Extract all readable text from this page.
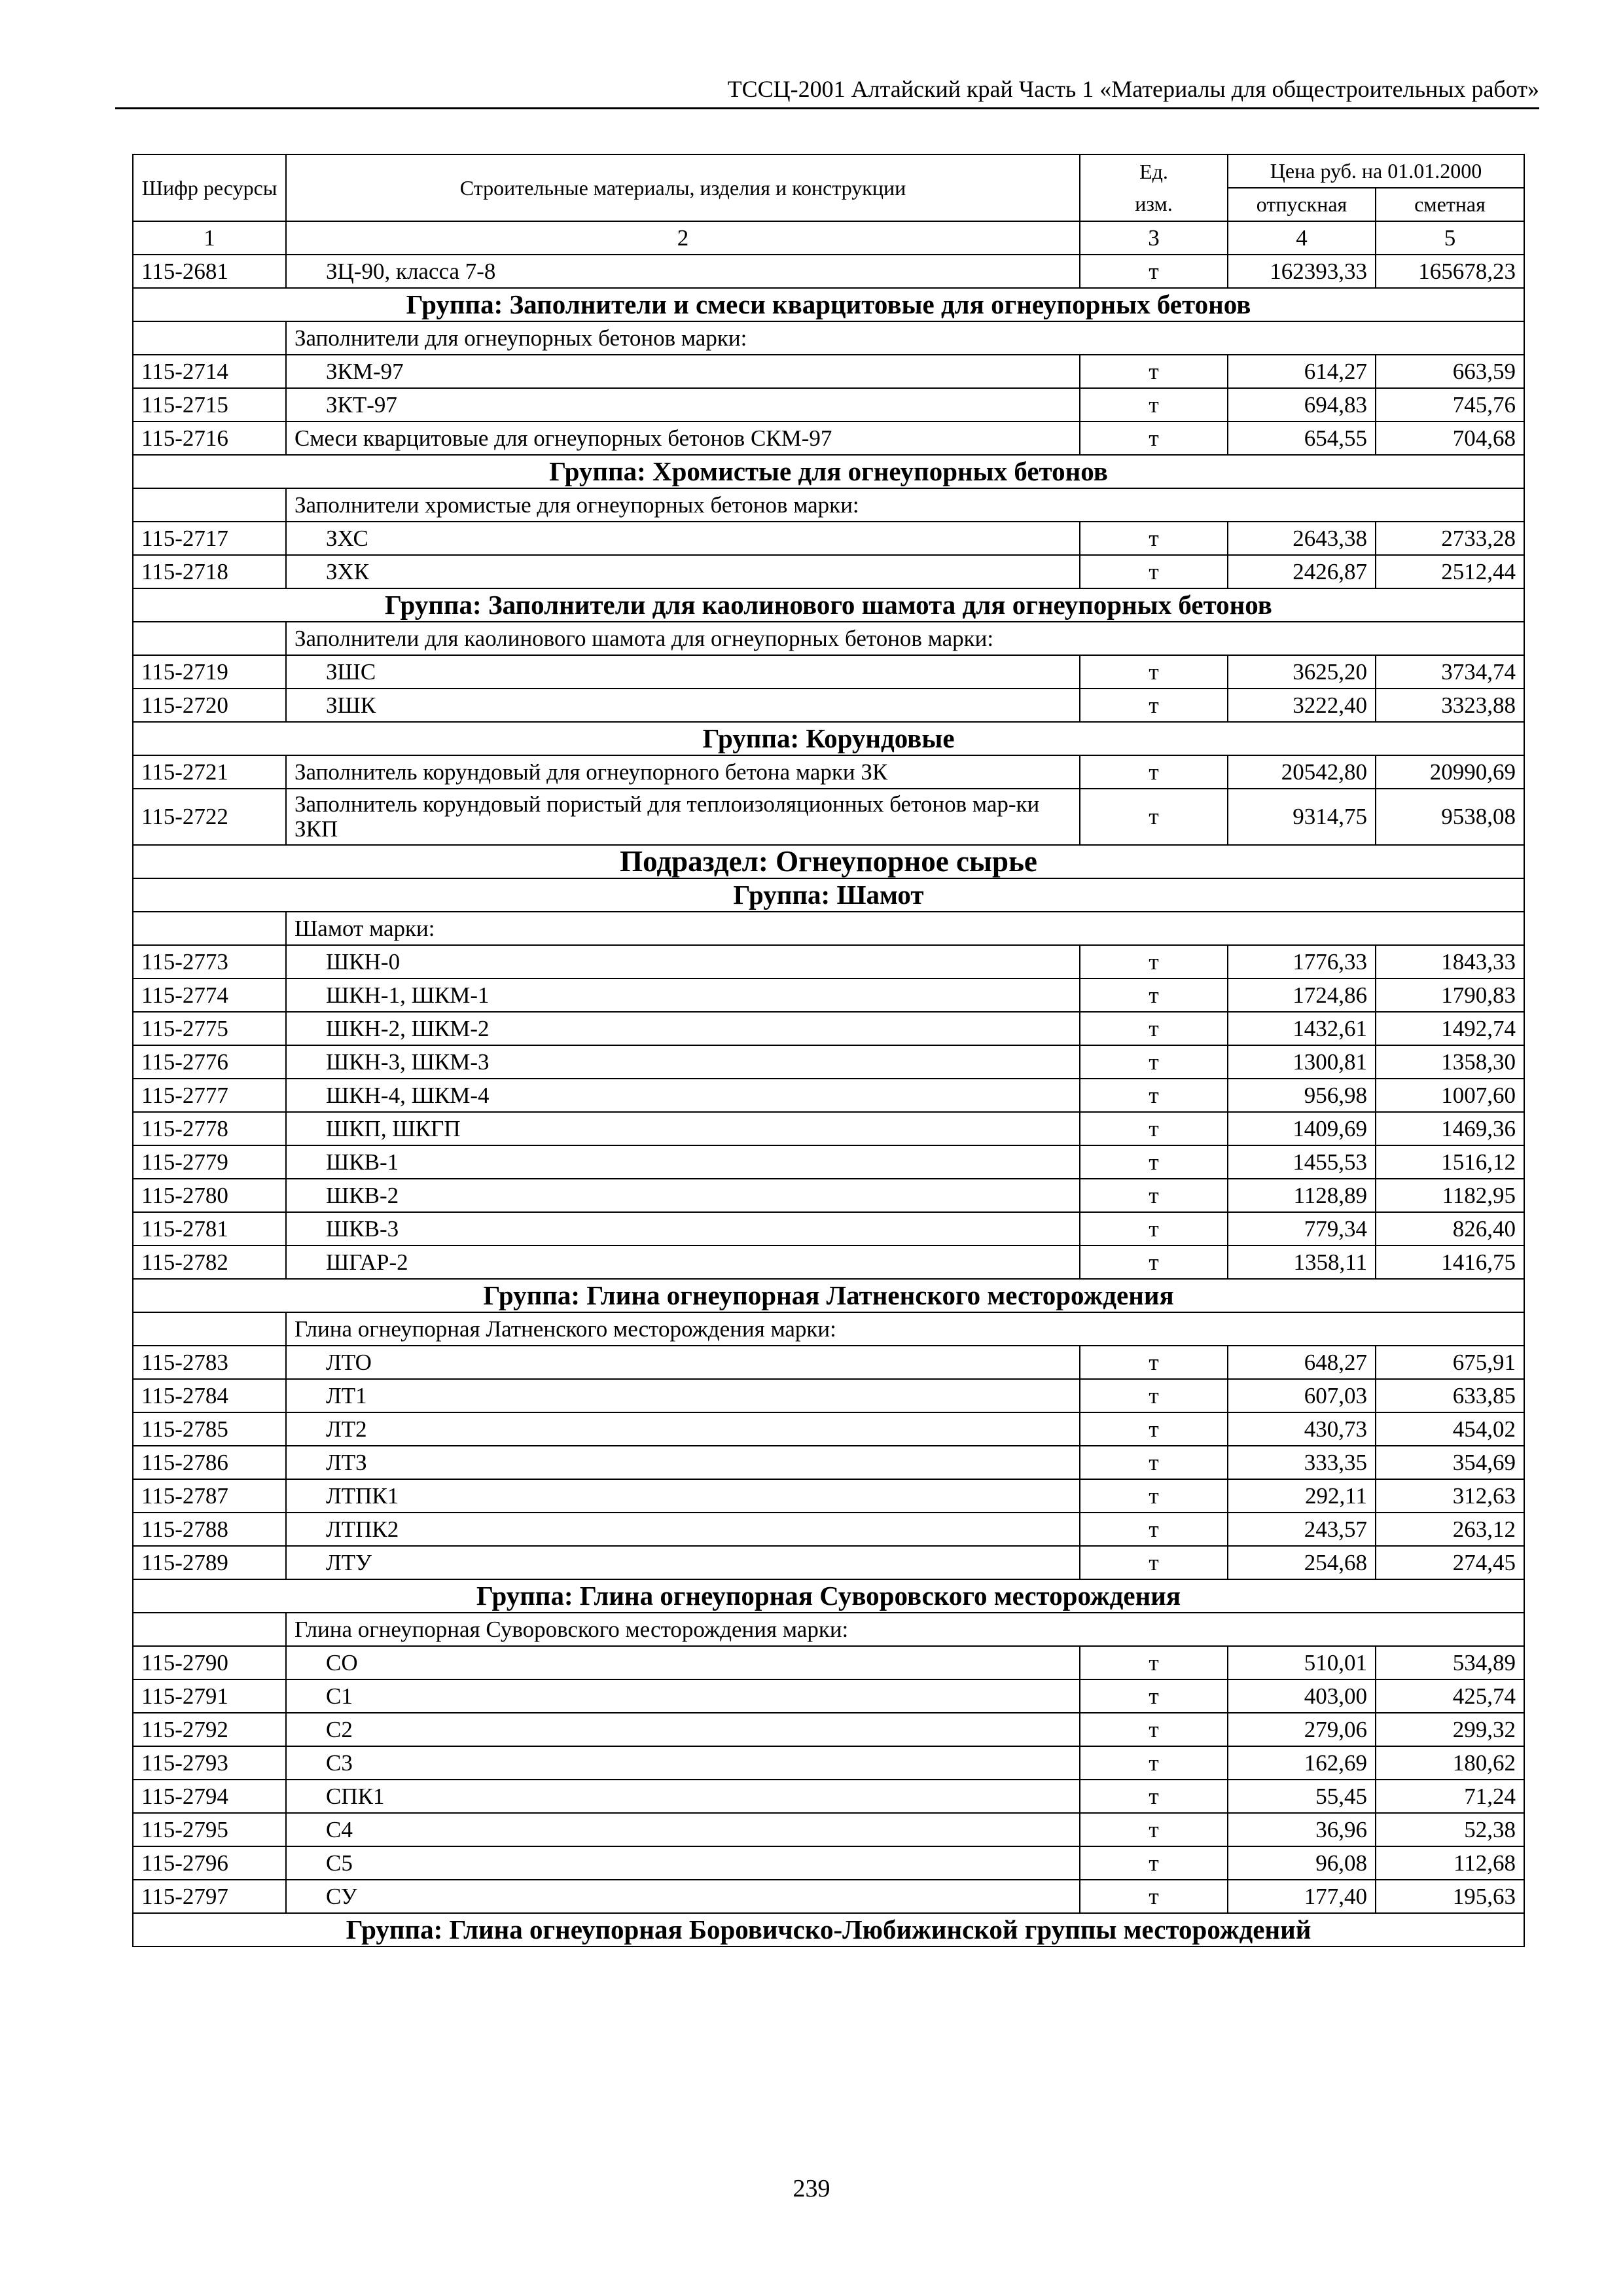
ТССЦ-2001 Алтайский край Часть 1 «Материалы для общестроительных работ»
Шифр ресурсы	Строительные материалы, изделия и конструкции	Ед. изм.	Цена руб. на 01.01.2000	
			отпускная	сметная
1	2	3	4	5
115-2681	ЗЦ-90, класса 7-8	т	162393,33	165678,23
Группа: Заполнители и смеси кварцитовые для огнеупорных бетонов				
	Заполнители для огнеупорных бетонов марки:			
115-2714	ЗКМ-97	т	614,27	663,59
115-2715	ЗКТ-97	т	694,83	745,76
115-2716	Смеси кварцитовые для огнеупорных бетонов СКМ-97	т	654,55	704,68
Группа: Хромистые для огнеупорных бетонов				
	Заполнители хромистые для огнеупорных бетонов марки:			
115-2717	ЗХС	т	2643,38	2733,28
115-2718	ЗХК	т	2426,87	2512,44
Группа: Заполнители для каолинового шамота для огнеупорных бетонов				
	Заполнители для каолинового шамота для огнеупорных бетонов марки:			
115-2719	ЗШС	т	3625,20	3734,74
115-2720	ЗШК	т	3222,40	3323,88
Группа: Корундовые				
115-2721	Заполнитель корундовый для огнеупорного бетона марки ЗК	т	20542,80	20990,69
115-2722	Заполнитель корундовый пористый для теплоизоляционных бетонов мар-ки ЗКП	т	9314,75	9538,08
Подраздел: Огнеупорное сырье				
Группа: Шамот				
	Шамот марки:			
115-2773	ШКН-0	т	1776,33	1843,33
115-2774	ШКН-1, ШКМ-1	т	1724,86	1790,83
115-2775	ШКН-2, ШКМ-2	т	1432,61	1492,74
115-2776	ШКН-3, ШКМ-3	т	1300,81	1358,30
115-2777	ШКН-4, ШКМ-4	т	956,98	1007,60
115-2778	ШКП, ШКГП	т	1409,69	1469,36
115-2779	ШКВ-1	т	1455,53	1516,12
115-2780	ШКВ-2	т	1128,89	1182,95
115-2781	ШКВ-3	т	779,34	826,40
115-2782	ШГАР-2	т	1358,11	1416,75
Группа: Глина огнеупорная Латненского месторождения				
	Глина огнеупорная Латненского месторождения марки:			
115-2783	ЛТО	т	648,27	675,91
115-2784	ЛТ1	т	607,03	633,85
115-2785	ЛТ2	т	430,73	454,02
115-2786	ЛТЗ	т	333,35	354,69
115-2787	ЛТПК1	т	292,11	312,63
115-2788	ЛТПК2	т	243,57	263,12
115-2789	ЛТУ	т	254,68	274,45
Группа: Глина огнеупорная Суворовского месторождения				
	Глина огнеупорная Суворовского месторождения марки:			
115-2790	СО	т	510,01	534,89
115-2791	С1	т	403,00	425,74
115-2792	С2	т	279,06	299,32
115-2793	С3	т	162,69	180,62
115-2794	СПК1	т	55,45	71,24
115-2795	С4	т	36,96	52,38
115-2796	С5	т	96,08	112,68
115-2797	СУ	т	177,40	195,63
Группа: Глина огнеупорная Боровичско-Любижинской группы месторождений				
239
